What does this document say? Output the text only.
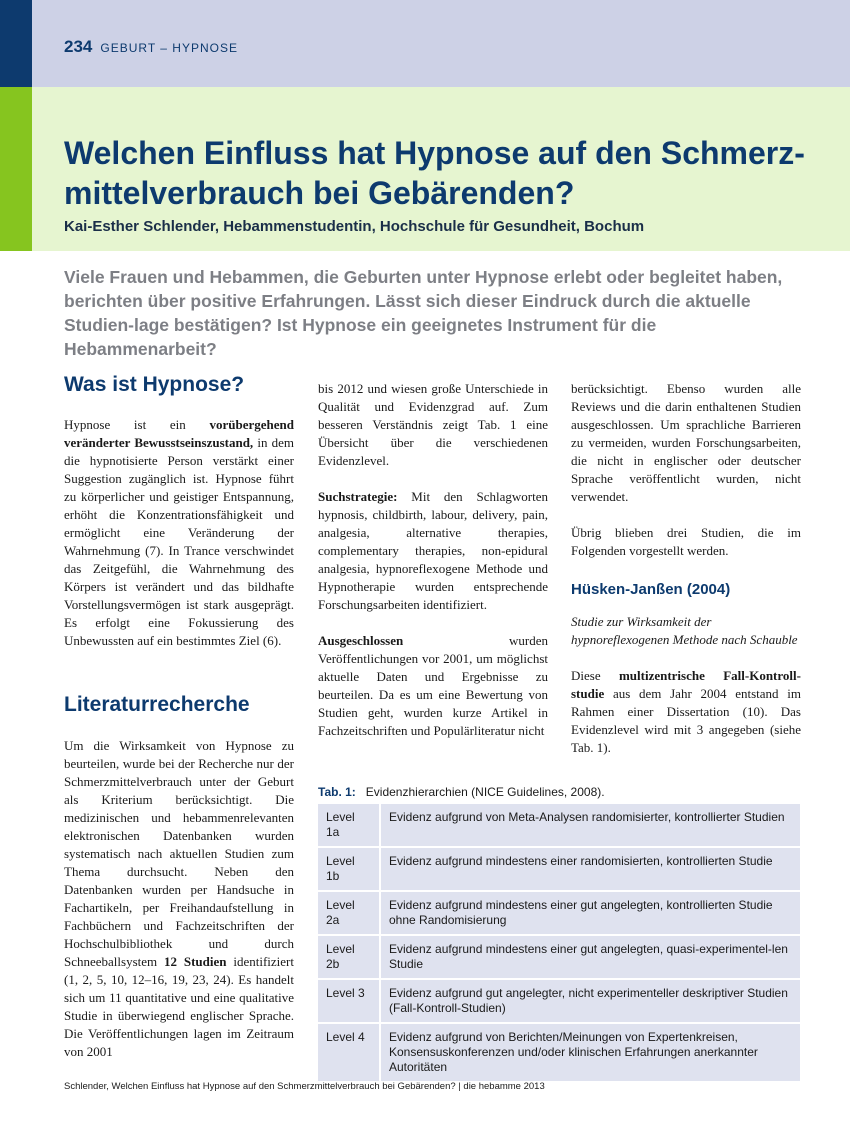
234 GEBURT – HYPNOSE
Welchen Einfluss hat Hypnose auf den Schmerz-
mittelverbrauch bei Gebärenden?
Kai-Esther Schlender, Hebammenstudentin, Hochschule für Gesundheit, Bochum

Viele Frauen und Hebammen, die Geburten unter Hypnose erlebt oder begleitet haben, berichten über positive Erfahrungen. Lässt sich dieser Eindruck durch die aktuelle Studien-lage bestätigen? Ist Hypnose ein geeignetes Instrument für die Hebammenarbeit?

Was ist Hypnose?

Hypnose ist ein vorübergehend veränderter Bewusstseinszustand, in dem die hypnotisierte Person verstärkt einer Suggestion zugänglich ist. Hypnose führt zu körperlicher und geistiger Entspannung, erhöht die Konzentrationsfähigkeit und ermöglicht eine Veränderung der Wahrnehmung (7). In Trance verschwindet das Zeitgefühl, die Wahrnehmung des Körpers ist verändert und das bildhafte Vorstellungsvermögen ist stark ausgeprägt. Es erfolgt eine Fokussierung des Unbewussten auf ein bestimmtes Ziel (6).

Literaturrecherche

Um die Wirksamkeit von Hypnose zu beurteilen, wurde bei der Recherche nur der Schmerzmittelverbrauch unter der Geburt als Kriterium berücksichtigt. Die medizinischen und hebammenrelevanten elektronischen Datenbanken wurden systematisch nach aktuellen Studien zum Thema durchsucht. Neben den Datenbanken wurden per Handsuche in Fachartikeln, per Freihandaufstellung in Fachbüchern und Fachzeitschriften der Hochschulbibliothek und durch Schneeballsystem 12 Studien identifiziert (1, 2, 5, 10, 12–16, 19, 23, 24). Es handelt sich um 11 quantitative und eine qualitative Studie in überwiegend englischer Sprache. Die Veröffentlichungen lagen im Zeitraum von 2001

bis 2012 und wiesen große Unterschiede in Qualität und Evidenzgrad auf. Zum besseren Verständnis zeigt Tab. 1 eine Übersicht über die verschiedenen Evidenzlevel.

Suchstrategie: Mit den Schlagworten hypnosis, childbirth, labour, delivery, pain, analgesia, alternative therapies, complementary therapies, non-epidural analgesia, hypnoreflexogene Methode und Hypnotherapie wurden entsprechende Forschungsarbeiten identifiziert.

Ausgeschlossen wurden Veröffentlichungen vor 2001, um möglichst aktuelle Daten und Ergebnisse zu beurteilen. Da es um eine Bewertung von Studien geht, wurden kurze Artikel in Fachzeitschriften und Populärliteratur nicht

berücksichtigt. Ebenso wurden alle Reviews und die darin enthaltenen Studien ausgeschlossen. Um sprachliche Barrieren zu vermeiden, wurden Forschungsarbeiten, die nicht in englischer oder deutscher Sprache veröffentlicht wurden, nicht verwendet.

Übrig blieben drei Studien, die im Folgenden vorgestellt werden.

Hüsken-Janßen (2004)

Studie zur Wirksamkeit der hypnoreflexogenen Methode nach Schauble

Diese multizentrische Fall-Kontroll-studie aus dem Jahr 2004 entstand im Rahmen einer Dissertation (10). Das Evidenzlevel wird mit 3 angegeben (siehe Tab. 1).

Tab. 1: Evidenzhierarchien (NICE Guidelines, 2008).
Level 1a	Evidenz aufgrund von Meta-Analysen randomisierter, kontrollierter Studien
Level 1b	Evidenz aufgrund mindestens einer randomisierten, kontrollierten Studie
Level 2a	Evidenz aufgrund mindestens einer gut angelegten, kontrollierten Studie ohne Randomisierung
Level 2b	Evidenz aufgrund mindestens einer gut angelegten, quasi-experimentel-len Studie
Level 3	Evidenz aufgrund gut angelegter, nicht experimenteller deskriptiver Studien (Fall-Kontroll-Studien)
Level 4	Evidenz aufgrund von Berichten/Meinungen von Expertenkreisen, Konsensuskonferenzen und/oder klinischen Erfahrungen anerkannter Autoritäten
Schlender, Welchen Einfluss hat Hypnose auf den Schmerzmittelverbrauch bei Gebärenden? | die hebamme 2013
